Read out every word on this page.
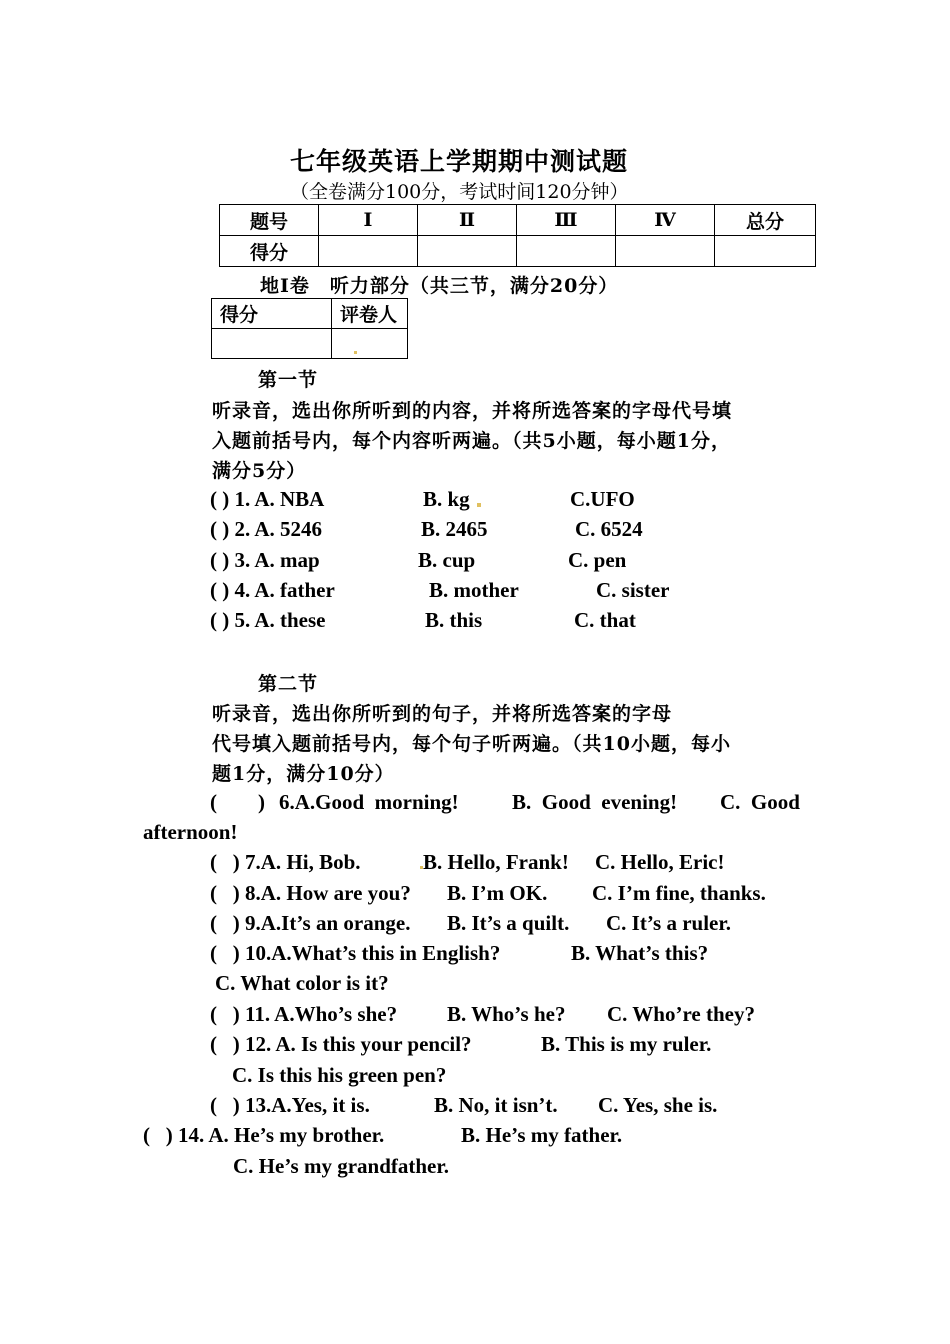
七年级英语上学期期中测试题
（全卷满分100分，考试时间120分钟）
题号	Ⅰ	Ⅱ	Ⅲ	Ⅳ	总分
得分					
地Ⅰ卷　听力部分（共三节，满分20分）
得分	评卷人

第一节
听录音，选出你所听到的内容，并将所选答案的字母代号填
入题前括号内，每个内容听两遍。（共5小题，每小题1分，
满分5分）
( ) 1. A. NBA	B. kg	C.UFO
( ) 2. A. 5246	B. 2465	C. 6524
( ) 3. A. map	B. cup	C. pen
( ) 4. A. father	B. mother	C. sister
( ) 5. A. these	B. this	C. that
第二节
听录音，选出你所听到的句子，并将所选答案的字母
代号填入题前括号内，每个句子听两遍。（共10小题，每小
题1分，满分10分）
( ) 6.A.Good  morning!	B.  Good  evening! C.  Good
afternoon!
(   ) 7.A. Hi, Bob.	B. Hello, Frank! C. Hello, Eric!
(   ) 8.A. How are you? B. I’m OK. C. I’m fine, thanks.
(   ) 9.A.It’s an orange. B. It’s a quilt. C. It’s a ruler.
(   ) 10.A.What’s this in English?	B. What’s this?
C. What color is it?
(   ) 11. A.Who’s she? B. Who’s he? C. Who’re they?
(   ) 12. A. Is this your pencil?	B. This is my ruler.
C. Is this his green pen?
(   ) 13.A.Yes, it is.	B. No, it isn’t. C. Yes, she is.
(   ) 14. A. He’s my brother.	B. He’s my father.
C. He’s my grandfather.
